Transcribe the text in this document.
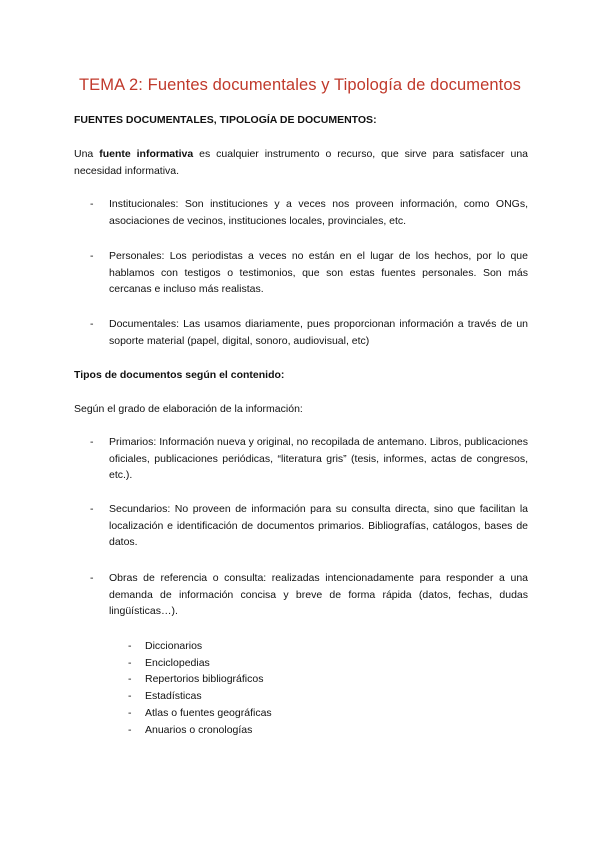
TEMA 2: Fuentes documentales y Tipología de documentos
FUENTES DOCUMENTALES, TIPOLOGÍA DE DOCUMENTOS:
Una fuente informativa es cualquier instrumento o recurso, que sirve para satisfacer una necesidad informativa.
-	Institucionales: Son instituciones y a veces nos proveen información, como ONGs, asociaciones de vecinos, instituciones locales, provinciales, etc.
-	Personales: Los periodistas a veces no están en el lugar de los hechos, por lo que hablamos con testigos o testimonios, que son estas fuentes personales. Son más cercanas e incluso más realistas.
-	Documentales: Las usamos diariamente, pues proporcionan información a través de un soporte material (papel, digital, sonoro, audiovisual, etc)
Tipos de documentos según el contenido:
Según el grado de elaboración de la información:
-	Primarios: Información nueva y original, no recopilada de antemano. Libros, publicaciones oficiales, publicaciones periódicas, “literatura gris” (tesis, informes, actas de congresos, etc.).
-	Secundarios: No proveen de información para su consulta directa, sino que facilitan la localización e identificación de documentos primarios. Bibliografías, catálogos, bases de datos.
-	Obras de referencia o consulta: realizadas intencionadamente para responder a una demanda de información concisa y breve de forma rápida (datos, fechas, dudas lingüísticas…).
- Diccionarios
- Enciclopedias
- Repertorios bibliográficos
- Estadísticas
- Atlas o fuentes geográficas
- Anuarios o cronologías
